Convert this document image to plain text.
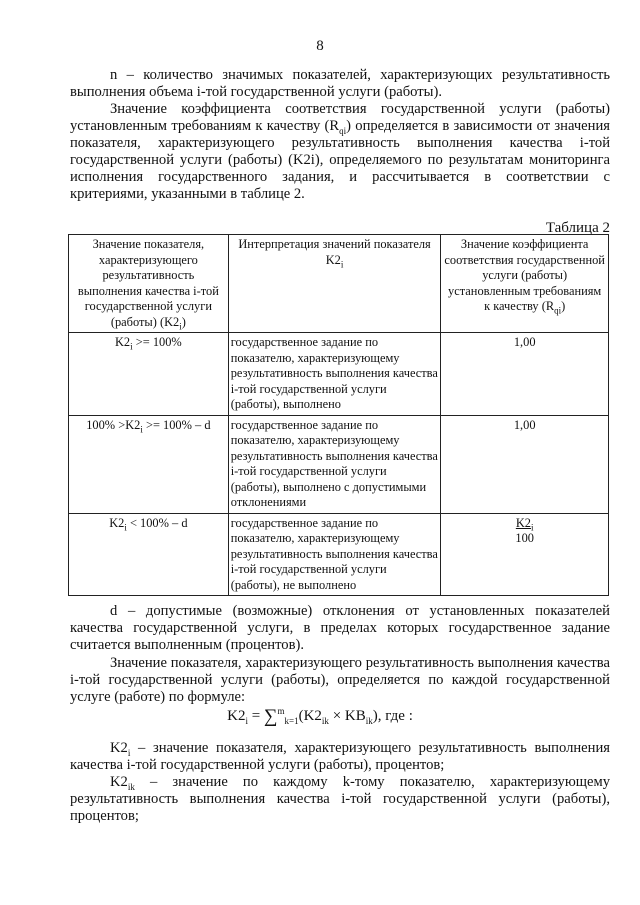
8

n – количество значимых показателей, характеризующих результативность выполнения объема i-той государственной услуги (работы).

Значение коэффициента соответствия государственной услуги (работы) установленным требованиям к качеству $(R_{qi})$ определяется в зависимости от значения показателя, характеризующего результативность выполнения качества i-той государственной услуги (работы) (K2i), определяемого по результатам мониторинга исполнения государственного задания, и рассчитывается в соответствии с критериями, указанными в таблице 2.

Таблица 2
Значение показателя, характеризующего результативность выполнения качества i-той государственной услуги (работы) $(K2_i)$	Интерпретация значений показателя $K2_i$	Значение коэффициента соответствия государственной услуги (работы) установленным требованиям к качеству $(R_{qi})$
$K2_i >= 100\%$	государственное задание по показателю, характеризующему результативность выполнения качества i-той государственной услуги (работы), выполнено	1,00
$100\% >K2_i >= 100\% - d$	государственное задание по показателю, характеризующему результативность выполнения качества i-той государственной услуги (работы), выполнено с допустимыми отклонениями	1,00
$K2_i < 100\% - d$	государственное задание по показателю, характеризующему результативность выполнения качества i-той государственной услуги (работы), не выполнено	$K2_i$
100

d – допустимые (возможные) отклонения от установленных показателей качества государственной услуги, в пределах которых государственное задание считается выполненным (процентов).

Значение показателя, характеризующего результативность выполнения качества i-той государственной услуги (работы), определяется по каждой государственной услуге (работе) по формуле:

$K2_i = \sum^m_{k=1}(K2_{ik} \times KB_{ik})$, где :

$K2_i$ – значение показателя, характеризующего результативность выполнения качества i-той государственной услуги (работы), процентов;

$K2_{ik}$ – значение по каждому k-тому показателю, характеризующему результативность выполнения качества i-той государственной услуги (работы), процентов;
